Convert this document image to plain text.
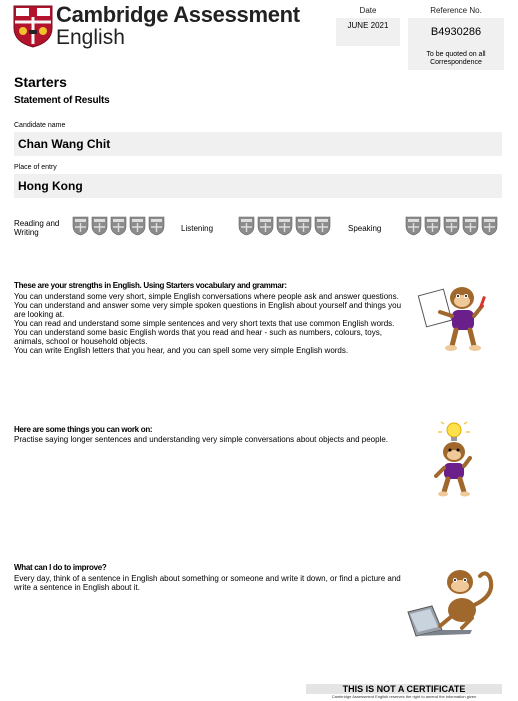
Cambridge Assessment
English
Date
JUNE 2021
Reference No.
B4930286
To be quoted on all Correspondence
Starters
Statement of Results
Candidate name
Chan Wang Chit
Place of entry
Hong Kong
Reading and Writing	Listening	Speaking
These are your strengths in English. Using Starters vocabulary and grammar:

You can understand some very short, simple English conversations where people ask and answer questions.

You can understand and answer some very simple spoken questions in English about yourself and things you are looking at.

You can read and understand some simple sentences and very short texts that use common English words.

You can understand some basic English words that you read and hear - such as numbers, colours, toys, animals, school or household objects.

You can write English letters that you hear, and you can spell some very simple English words.

Here are some things you can work on:

Practise saying longer sentences and understanding very simple conversations about objects and people.

What can I do to improve?

Every day, think of a sentence in English about something or someone and write it down, or find a picture and write a sentence in English about it.

THIS IS NOT A CERTIFICATE
Cambridge Assessment English reserves the right to amend the information given
